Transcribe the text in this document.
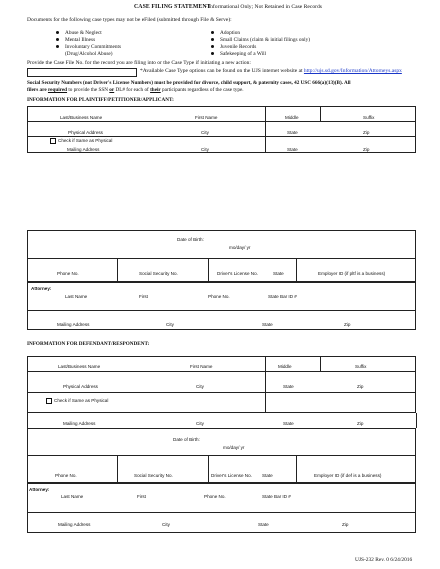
CASE FILING STATEMENT
- Informational Only; Not Retained in Case Records
Documents for the following case types may not be eFiled (submitted through File & Serve):
Abuse & Neglect
Mental Illness
Involuntary Commitments
(Drug/Alcohol Abuse)
Adoption
Small Claims (claim & initial filings only)
Juvenile Records
Safekeeping of a Will
Provide the Case File No. for the record you are filing into or the Case Type if initiating a new action:
*Available Case Type options can be found on the UJS internet website at http://ujs.sd.gov/Information/Attorneys.aspx
Social Security Numbers (not Driver's License Numbers) must be provided for divorce, child support, & paternity cases, 42 USC 666(a)(13)(B). All
filers are required to provide the SSN or DL# for each of their participants regardless of the case type.
INFORMATION FOR PLAINTIFF/PETITIONER/APPLICANT:
Last/Business Name	First Name	Middle	Suffix
Physical Address	City	State	Zip
Check if Same as Physical
Mailing Address	City	State	Zip
Date of Birth:
mo/day/ yr
Phone No.	Social Security No.	Driver's License No.	State	Employer ID (if pltf is a business)
Attorney:
Last Name	First	Phone No.	State Bar ID #
Mailing Address	City	State	Zip
INFORMATION FOR DEFENDANT/RESPONDENT:
Last/Business Name	First Name	Middle	Suffix
Physical Address	City	State	Zip
Check if Same as Physical
Mailing Address	City	State	Zip
Date of Birth:
mo/day/ yr
Phone No.	Social Security No.	Driver's License No. State	Employer ID (if def is a business)
Attorney:
Last Name	First	Phone No.	State Bar ID #
Mailing Address	City	State	Zip
UJS-232 Rev. 0 6/24/2016
